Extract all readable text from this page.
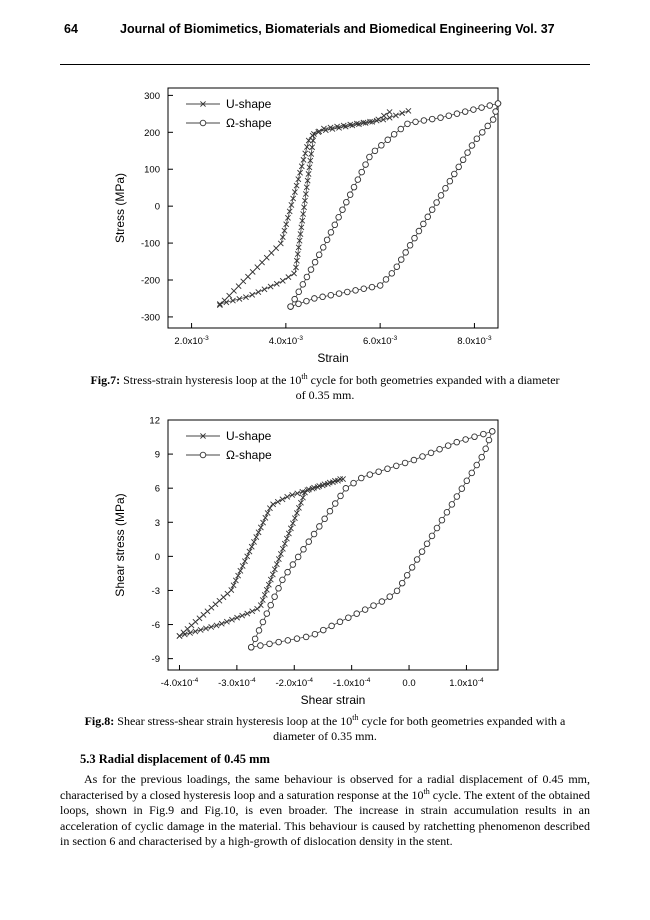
64	Journal of Biomimetics, Biomaterials and Biomedical Engineering Vol. 37
300
200
100
0
-100
-200
-300
$2.0x10^{-3}$	$4.0x10^{-3}$	$6.0x10^{-3}$	$8.0x10^{-3}$
Strain
Stress (MPa)
U-shape
Ω-shape
Fig.7: Stress-strain hysteresis loop at the 10th cycle for both geometries expanded with a diameter
of 0.35 mm.
12
9
6
3
0
-3
-6
-9
$-4.0x10^{-4}$ $-3.0x10^{-4}$ $-2.0x10^{-4}$ $-1.0x10^{-4}$	0.0	$1.0x10^{-4}$
Shear strain
Shear stress (MPa)
U-shape
Ω-shape
Fig.8: Shear stress-shear strain hysteresis loop at the 10th cycle for both geometries expanded with a
diameter of 0.35 mm.
5.3 Radial displacement of 0.45 mm

As for the previous loadings, the same behaviour is observed for a radial displacement of 0.45 mm, characterised by a closed hysteresis loop and a saturation response at the 10th cycle. The extent of the obtained loops, shown in Fig.9 and Fig.10, is even broader. The increase in strain accumulation results in an acceleration of cyclic damage in the material. This behaviour is caused by ratchetting phenomenon described in section 6 and characterised by a high-growth of dislocation density in the stent.
